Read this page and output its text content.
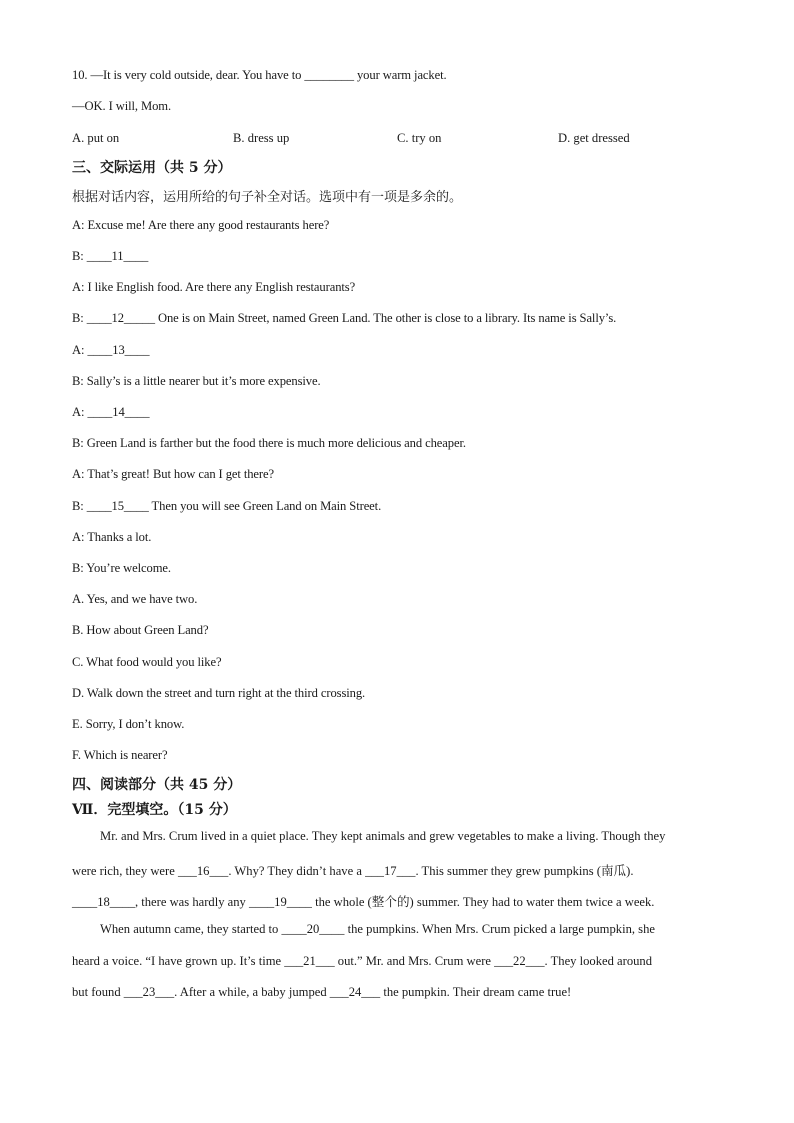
10. —It is very cold outside, dear. You have to ________ your warm jacket.
—OK. I will, Mom.
A. put on	B. dress up	C. try on	D. get dressed
三、交际运用（共 5 分）
根据对话内容，运用所给的句子补全对话。选项中有一项是多余的。
A: Excuse me! Are there any good restaurants here?
B: ____11____
A: I like English food. Are there any English restaurants?
B: ____12_____ One is on Main Street, named Green Land. The other is close to a library. Its name is Sally’s.
A: ____13____
B: Sally’s is a little nearer but it’s more expensive.
A: ____14____
B: Green Land is farther but the food there is much more delicious and cheaper.
A: That’s great! But how can I get there?
B: ____15____ Then you will see Green Land on Main Street.
A: Thanks a lot.
B: You’re welcome.
A. Yes, and we have two.
B. How about Green Land?
C. What food would you like?
D. Walk down the street and turn right at the third crossing.
E. Sorry, I don’t know.
F. Which is nearer?
四、阅读部分（共 45 分）
Ⅶ．完型填空。（15 分）
Mr. and Mrs. Crum lived in a quiet place. They kept animals and grew vegetables to make a living. Though they
were rich, they were ___16___. Why? They didn’t have a ___17___. This summer they grew pumpkins (南瓜).
____18____, there was hardly any ____19____ the whole (整个的) summer. They had to water them twice a week.
When autumn came, they started to ____20____ the pumpkins. When Mrs. Crum picked a large pumpkin, she
heard a voice. “I have grown up. It’s time ___21___ out.” Mr. and Mrs. Crum were ___22___. They looked around
but found ___23___. After a while, a baby jumped ___24___ the pumpkin. Their dream came true!
